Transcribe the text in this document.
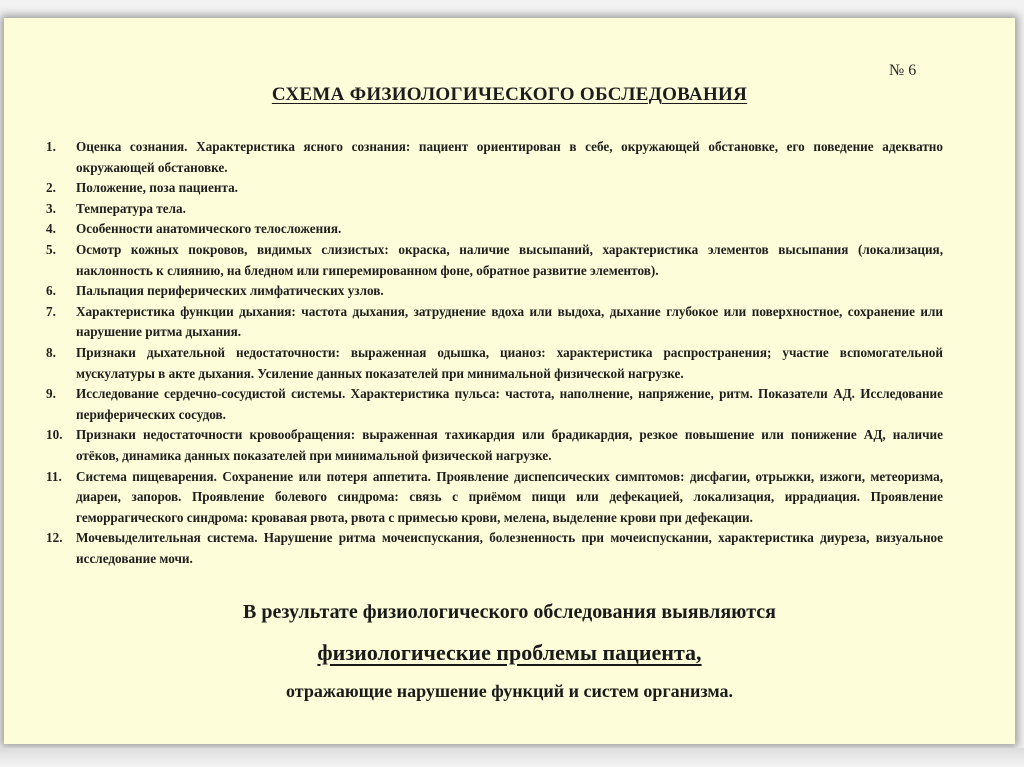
№ 6
СХЕМА ФИЗИОЛОГИЧЕСКОГО ОБСЛЕДОВАНИЯ
1. Оценка сознания. Характеристика ясного сознания: пациент ориентирован в себе, окружающей обстановке, его поведение адекватно окружающей обстановке.
2. Положение, поза пациента.
3. Температура тела.
4. Особенности анатомического телосложения.
5. Осмотр кожных покровов, видимых слизистых: окраска, наличие высыпаний, характеристика элементов высыпания (локализация, наклонность к слиянию, на бледном или гиперемированном фоне, обратное развитие элементов).
6. Пальпация периферических лимфатических узлов.
7. Характеристика функции дыхания: частота дыхания, затруднение вдоха или выдоха, дыхание глубокое или поверхностное, сохранение или нарушение ритма дыхания.
8. Признаки дыхательной недостаточности: выраженная одышка, цианоз: характеристика распространения; участие вспомогательной мускулатуры в акте дыхания. Усиление данных показателей при минимальной физической нагрузке.
9. Исследование сердечно-сосудистой системы. Характеристика пульса: частота, наполнение, напряжение, ритм. Показатели АД. Исследование периферических сосудов.
10. Признаки недостаточности кровообращения: выраженная тахикардия или брадикардия, резкое повышение или понижение АД, наличие отёков, динамика данных показателей при минимальной физической нагрузке.
11. Система пищеварения. Сохранение или потеря аппетита. Проявление диспепсических симптомов: дисфагии, отрыжки, изжоги, метеоризма, диареи, запоров. Проявление болевого синдрома: связь с приёмом пищи или дефекацией, локализация, иррадиация. Проявление геморрагического синдрома: кровавая рвота, рвота с примесью крови, мелена, выделение крови при дефекации.
12. Мочевыделительная система. Нарушение ритма мочеиспускания, болезненность при мочеиспускании, характеристика диуреза, визуальное исследование мочи.
В результате физиологического обследования выявляются
физиологические проблемы пациента,
отражающие нарушение функций и систем организма.
